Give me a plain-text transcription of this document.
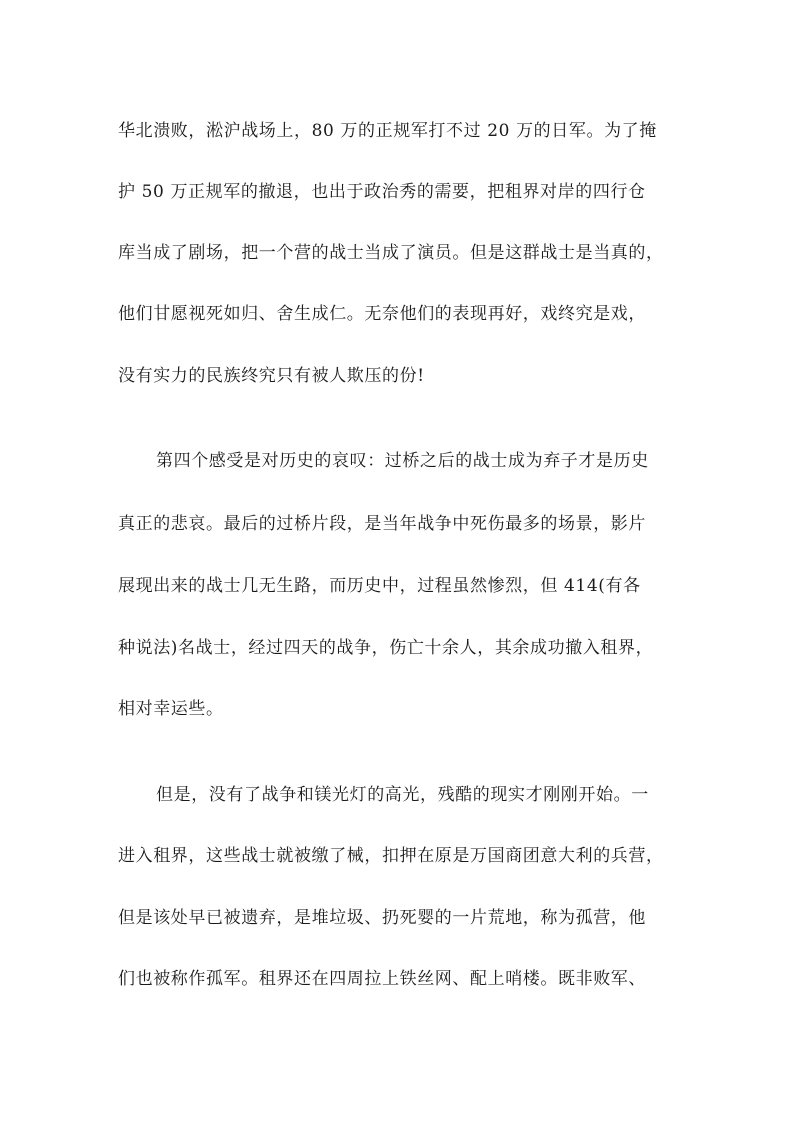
华北溃败，淞沪战场上，80 万的正规军打不过 20 万的日军。为了掩

护 50 万正规军的撤退，也出于政治秀的需要，把租界对岸的四行仓

库当成了剧场，把一个营的战士当成了演员。但是这群战士是当真的，

他们甘愿视死如归、舍生成仁。无奈他们的表现再好，戏终究是戏，

没有实力的民族终究只有被人欺压的份!

第四个感受是对历史的哀叹：过桥之后的战士成为弃子才是历史

真正的悲哀。最后的过桥片段，是当年战争中死伤最多的场景，影片

展现出来的战士几无生路，而历史中，过程虽然惨烈，但 414(有各

种说法)名战士，经过四天的战争，伤亡十余人，其余成功撤入租界，

相对幸运些。

但是，没有了战争和镁光灯的高光，残酷的现实才刚刚开始。一

进入租界，这些战士就被缴了械，扣押在原是万国商团意大利的兵营，

但是该处早已被遗弃，是堆垃圾、扔死婴的一片荒地，称为孤营，他

们也被称作孤军。租界还在四周拉上铁丝网、配上哨楼。既非败军、
